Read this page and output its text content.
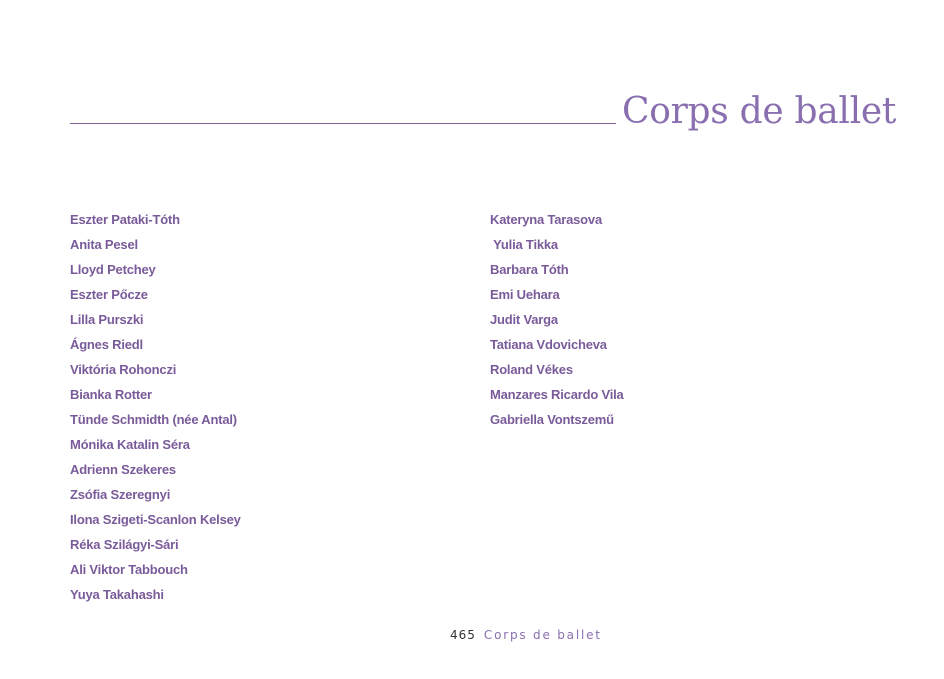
Corps de ballet
Eszter Pataki-Tóth
Anita Pesel
Lloyd Petchey
Eszter Pőcze
Lilla Purszki
Ágnes Riedl
Viktória Rohonczi
Bianka Rotter
Tünde Schmidth (née Antal)
Mónika Katalin Séra
Adrienn Szekeres
Zsófia Szeregnyi
Ilona Szigeti-Scanlon Kelsey
Réka Szilágyi-Sári
Ali Viktor Tabbouch
Yuya Takahashi
Kateryna Tarasova
Yulia Tikka
Barbara Tóth
Emi Uehara
Judit Varga
Tatiana Vdovicheva
Roland Vékes
Manzares Ricardo Vila
Gabriella Vontszemű
465 Corps de ballet
